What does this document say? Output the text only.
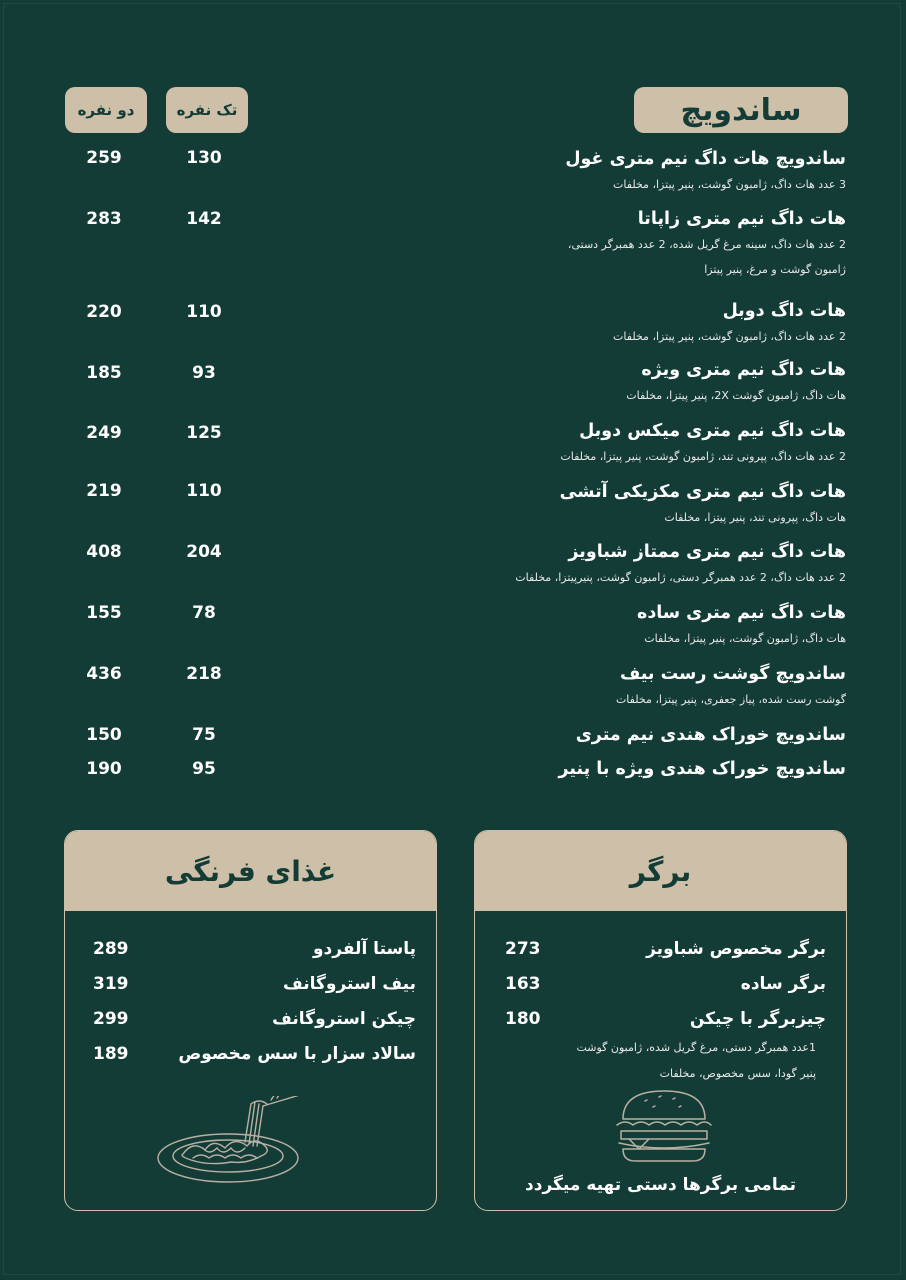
ساندویچ
تک نفره
دو نفره
ساندویچ هات داگ نیم متری غول
3 عدد هات داگ، ژامبون گوشت، پنیر پیتزا، مخلفات
130
259
هات داگ نیم متری زاپاتا
2 عدد هات داگ، سینه مرغ گریل شده، 2 عدد همبرگر دستی،
ژامبون گوشت و مرغ، پنیر پیتزا
142
283
هات داگ دوبل
2 عدد هات داگ، ژامبون گوشت، پنیر پیتزا، مخلفات
110
220
هات داگ نیم متری ویژه
هات داگ، ژامبون گوشت 2X، پنیر پیتزا، مخلفات
93
185
هات داگ نیم متری میکس دوبل
2 عدد هات داگ، پپرونی تند، ژامبون گوشت، پنیر پیتزا، مخلفات
125
249
هات داگ نیم متری مکزیکی آتشی
هات داگ، پپرونی تند، پنیر پیتزا، مخلفات
110
219
هات داگ نیم متری ممتاز شباویز
2 عدد هات داگ، 2 عدد همبرگر دستی، ژامبون گوشت، پنیرپیتزا، مخلفات
204
408
هات داگ نیم متری ساده
هات داگ، ژامبون گوشت، پنیر پیتزا، مخلفات
78
155
ساندویچ گوشت رست بیف
گوشت رست شده، پیاز جعفری، پنیر پیتزا، مخلفات
218
436
ساندویچ خوراک هندی نیم متری
75
150
ساندویچ خوراک هندی ویژه با پنیر
95
190
غذای فرنگی
پاستا آلفردو
289
بیف استروگانف
319
چیکن استروگانف
299
سالاد سزار با سس مخصوص
189
برگر
برگر مخصوص شباویز
273
برگر ساده
163
چیزبرگر با چیکن
180
1عدد همبرگر دستی، مرغ گریل شده، ژامبون گوشت
پنیر گودا، سس مخصوص، مخلفات
تمامی برگرها دستی تهیه میگردد
